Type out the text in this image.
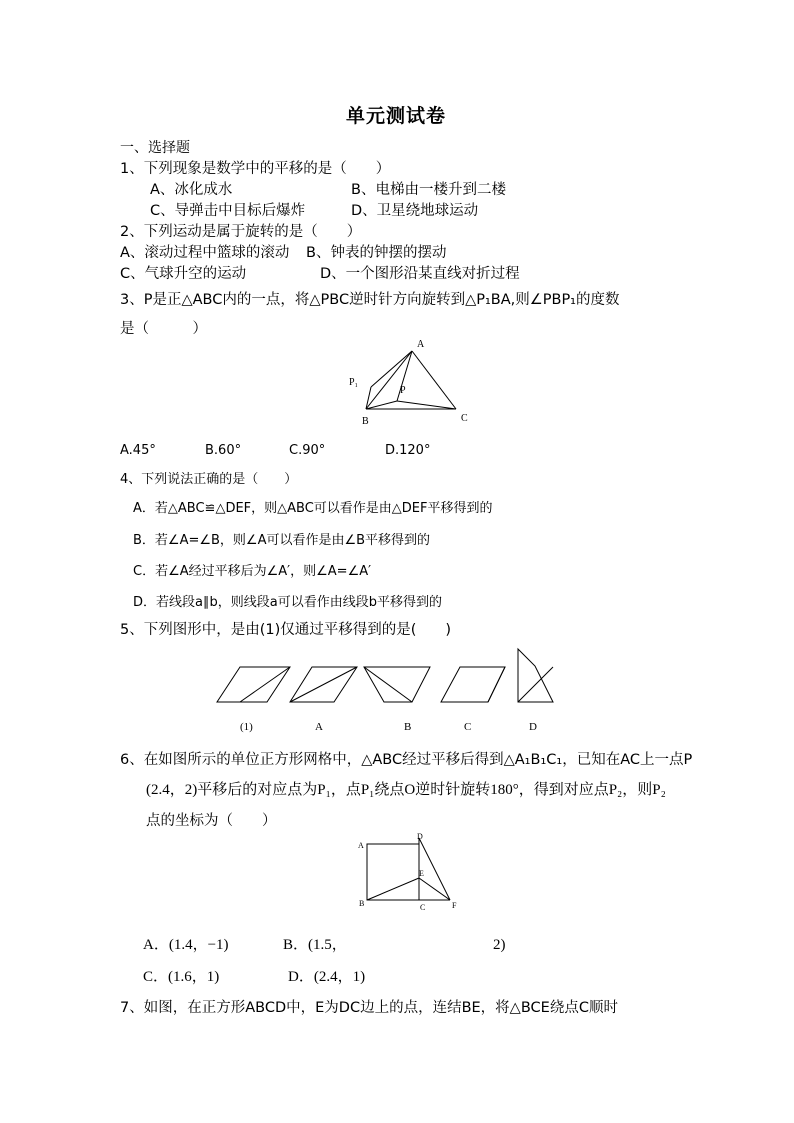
单元测试卷
一、选择题
1、下列现象是数学中的平移的是（　　）
A、冰化成水	B、电梯由一楼升到二楼
C、导弹击中目标后爆炸	D、卫星绕地球运动
2、下列运动是属于旋转的是（　　）
A、滚动过程中篮球的滚动 B、钟表的钟摆的摆动
C、气球升空的运动	D、一个图形沿某直线对折过程
3、P是正△ABC内的一点，将△PBC逆时针方向旋转到△P₁BA,则∠PBP₁的度数
是（　　　）
A
P₁
P
B	C
A.45°	B.60°	C.90°	D.120°
4、下列说法正确的是（　　）
A．若△ABC≌△DEF，则△ABC可以看作是由△DEF平移得到的
B．若∠A=∠B，则∠A可以看作是由∠B平移得到的
C．若∠A经过平移后为∠A′，则∠A=∠A′
D．若线段a∥b，则线段a可以看作由线段b平移得到的
5、下列图形中，是由(1)仅通过平移得到的是(　　)
(1)	A	B	C	D
6、在如图所示的单位正方形网格中，△ABC经过平移后得到△A₁B₁C₁，已知在AC上一点P
(2.4，2)平移后的对应点为P₁，点P₁绕点O逆时针旋转180°，得到对应点P₂，则P₂
点的坐标为（　　）
A
D
E
B	C	F
A．(1.4，−1)	B．(1.5，	2)
C．(1.6，1)	D．(2.4，1)
7、如图，在正方形ABCD中，E为DC边上的点，连结BE，将△BCE绕点C顺时
